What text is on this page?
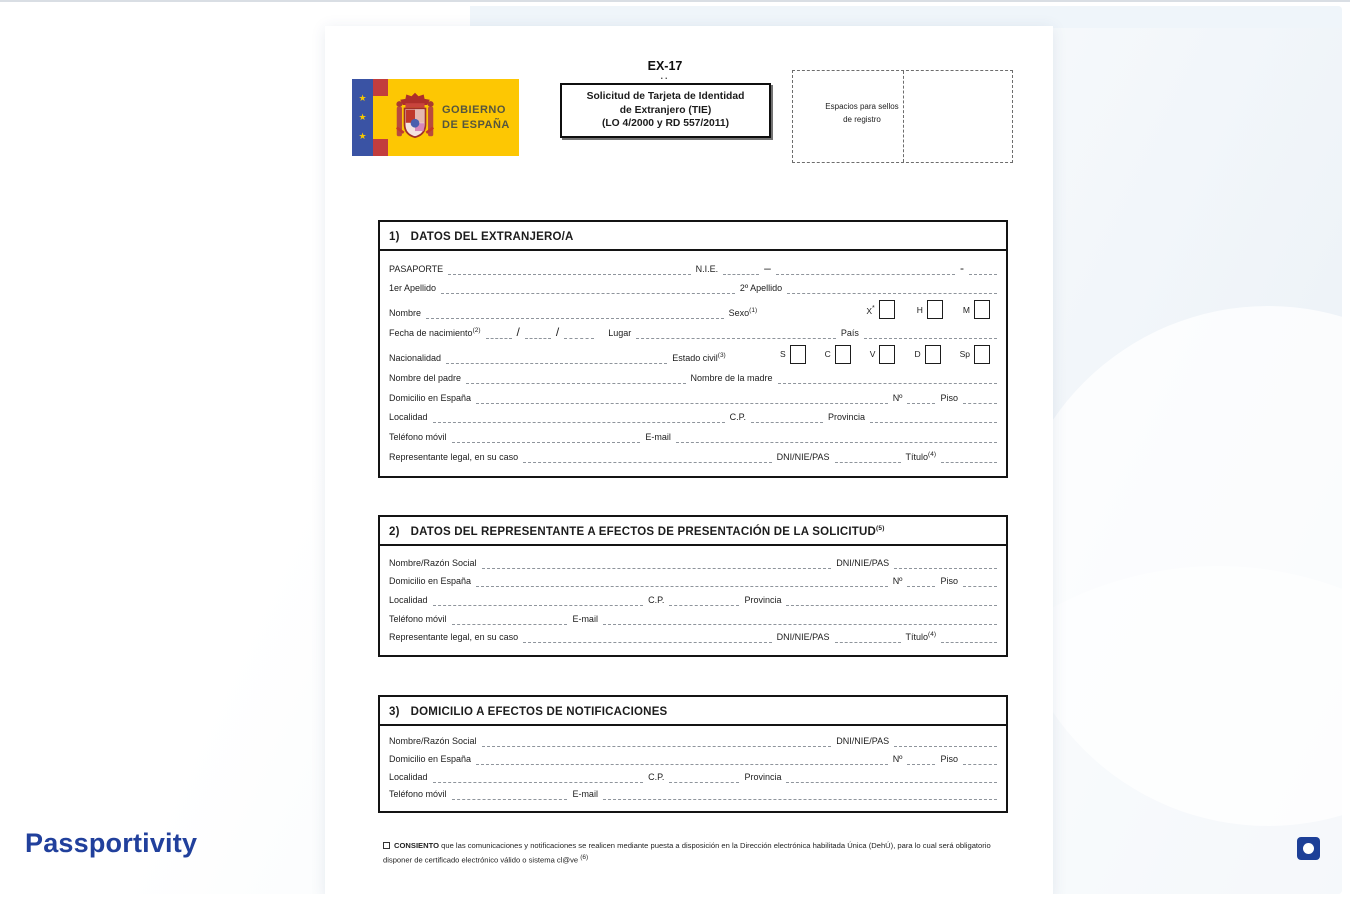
★
★
★
GOBIERNO
DE ESPAÑA
EX-17
..
Solicitud de Tarjeta de Identidad
de Extranjero (TIE)
(LO 4/2000 y RD 557/2011)
Espacios para sellos
de registro
1) DATOS DEL EXTRANJERO/A
PASAPORTE	N.I.E.	–	-
1er Apellido	2º Apellido
Nombre	Sexo$^{(1)}$	X*	H	M
Fecha de nacimiento$^{(2)}$	/	/	Lugar	País
Nacionalidad	Estado civil$^{(3)}$	S	C	V	D	Sp
Nombre del padre	Nombre de la madre
Domicilio en España	Nº	Piso
Localidad	C.P.	Provincia
Teléfono móvil	E-mail
Representante legal, en su caso	DNI/NIE/PAS	Título$^{(4)}$
2) DATOS DEL REPRESENTANTE A EFECTOS DE PRESENTACIÓN DE LA SOLICITUD$^{(5)}$
Nombre/Razón Social	DNI/NIE/PAS
Domicilio en España	Nº	Piso
Localidad	C.P.	Provincia
Teléfono móvil	E-mail
Representante legal, en su caso	DNI/NIE/PAS	Título$^{(4)}$
3) DOMICILIO A EFECTOS DE NOTIFICACIONES
Nombre/Razón Social	DNI/NIE/PAS
Domicilio en España	Nº	Piso
Localidad	C.P.	Provincia
Teléfono móvil	E-mail
CONSIENTO que las comunicaciones y notificaciones se realicen mediante puesta a disposición en la Dirección electrónica habilitada Única (DehÚ), para lo cual será obligatorio disponer de certificado electrónico válido o sistema cl@ve $^{(6)}$
Passportivity
